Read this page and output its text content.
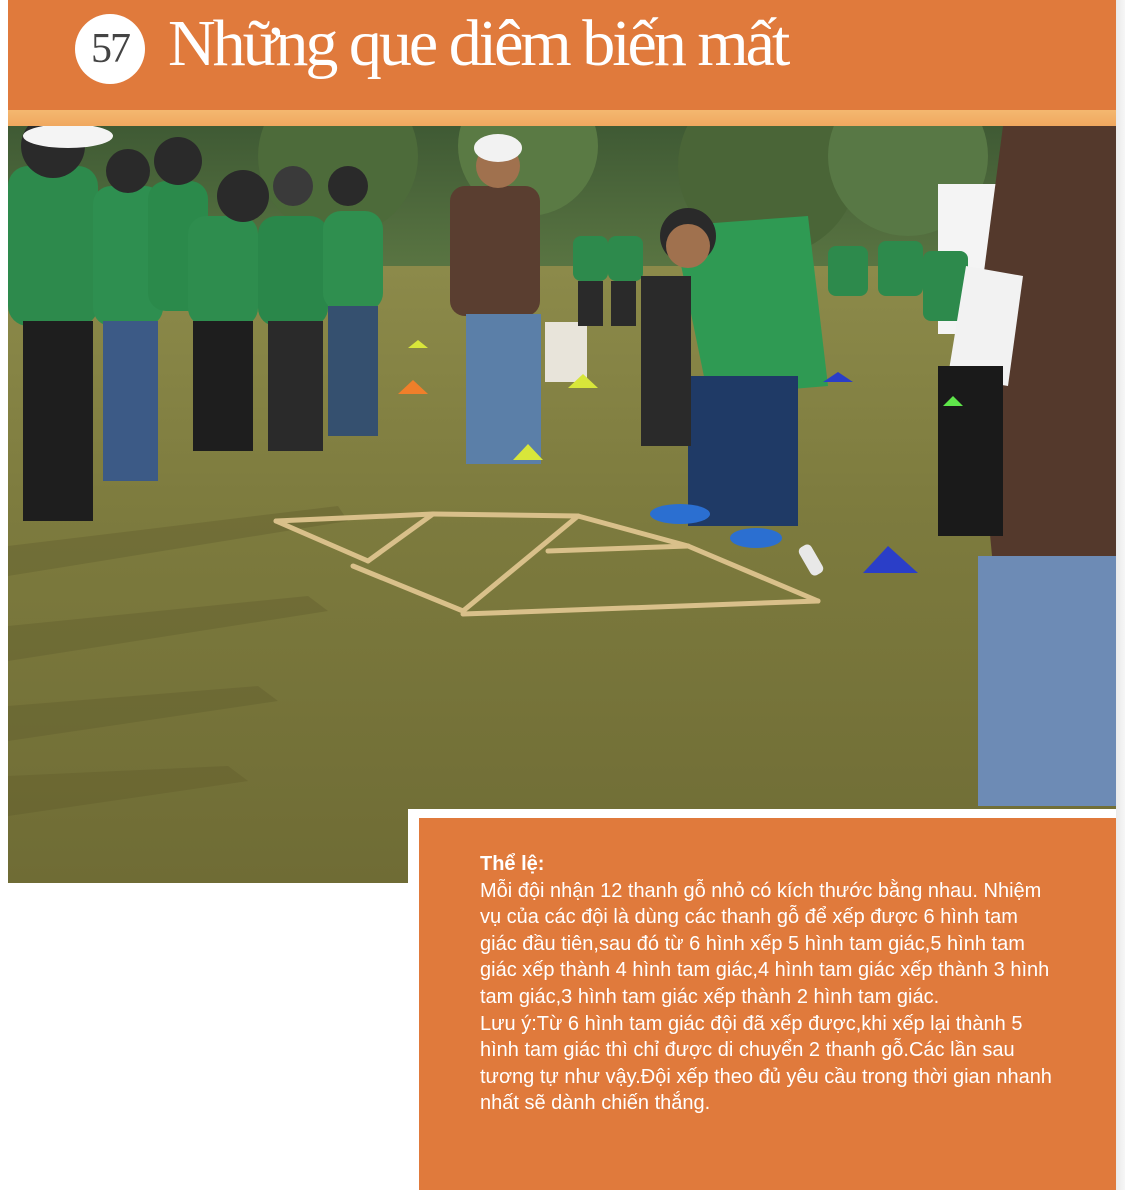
57 Những que diêm biến mất

Thể lệ:

Mỗi đội nhận 12 thanh gỗ nhỏ có kích thước bằng nhau. Nhiệm vụ của các đội là dùng các thanh gỗ để xếp được 6 hình tam giác đầu tiên,sau đó từ 6 hình xếp 5 hình tam giác,5 hình tam giác xếp thành 4 hình tam giác,4 hình tam giác xếp thành 3 hình tam giác,3 hình tam giác xếp thành 2 hình tam giác.

Lưu ý:Từ 6 hình tam giác đội đã xếp được,khi xếp lại thành 5 hình tam giác thì chỉ được di chuyển 2 thanh gỗ.Các lần sau tương tự như vậy.Đội xếp theo đủ yêu cầu trong thời gian nhanh nhất sẽ dành chiến thắng.
